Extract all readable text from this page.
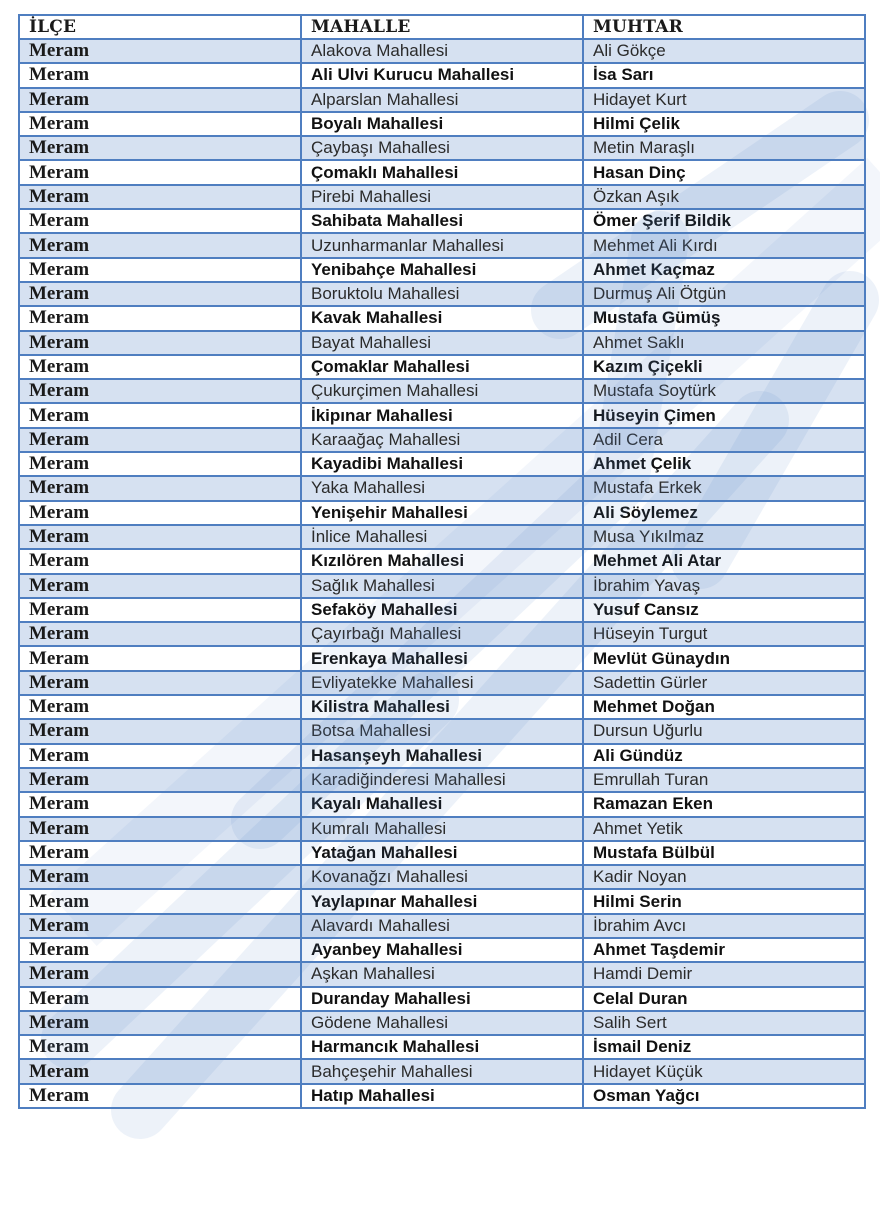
İLÇE	MAHALLE	MUHTAR
Meram	Alakova Mahallesi	Ali Gökçe
Meram	Ali Ulvi Kurucu Mahallesi	İsa Sarı
Meram	Alparslan Mahallesi	Hidayet Kurt
Meram	Boyalı Mahallesi	Hilmi Çelik
Meram	Çaybaşı Mahallesi	Metin Maraşlı
Meram	Çomaklı Mahallesi	Hasan Dinç
Meram	Pirebi Mahallesi	Özkan Aşık
Meram	Sahibata Mahallesi	Ömer Şerif Bildik
Meram	Uzunharmanlar Mahallesi	Mehmet Ali Kırdı
Meram	Yenibahçe Mahallesi	Ahmet Kaçmaz
Meram	Boruktolu Mahallesi	Durmuş Ali Ötgün
Meram	Kavak Mahallesi	Mustafa Gümüş
Meram	Bayat Mahallesi	Ahmet Saklı
Meram	Çomaklar Mahallesi	Kazım Çiçekli
Meram	Çukurçimen Mahallesi	Mustafa Soytürk
Meram	İkipınar Mahallesi	Hüseyin Çimen
Meram	Karaağaç Mahallesi	Adil Cera
Meram	Kayadibi Mahallesi	Ahmet Çelik
Meram	Yaka Mahallesi	Mustafa Erkek
Meram	Yenişehir Mahallesi	Ali Söylemez
Meram	İnlice Mahallesi	Musa Yıkılmaz
Meram	Kızılören Mahallesi	Mehmet Ali Atar
Meram	Sağlık Mahallesi	İbrahim Yavaş
Meram	Sefaköy Mahallesi	Yusuf Cansız
Meram	Çayırbağı Mahallesi	Hüseyin Turgut
Meram	Erenkaya Mahallesi	Mevlüt Günaydın
Meram	Evliyatekke Mahallesi	Sadettin Gürler
Meram	Kilistra Mahallesi	Mehmet Doğan
Meram	Botsa Mahallesi	Dursun Uğurlu
Meram	Hasanşeyh Mahallesi	Ali Gündüz
Meram	Karadiğinderesi Mahallesi	Emrullah Turan
Meram	Kayalı Mahallesi	Ramazan Eken
Meram	Kumralı Mahallesi	Ahmet Yetik
Meram	Yatağan Mahallesi	Mustafa Bülbül
Meram	Kovanağzı Mahallesi	Kadir Noyan
Meram	Yaylapınar Mahallesi	Hilmi Serin
Meram	Alavardı Mahallesi	İbrahim Avcı
Meram	Ayanbey Mahallesi	Ahmet Taşdemir
Meram	Aşkan Mahallesi	Hamdi Demir
Meram	Duranday Mahallesi	Celal Duran
Meram	Gödene Mahallesi	Salih Sert
Meram	Harmancık Mahallesi	İsmail Deniz
Meram	Bahçeşehir Mahallesi	Hidayet Küçük
Meram	Hatıp Mahallesi	Osman Yağcı
